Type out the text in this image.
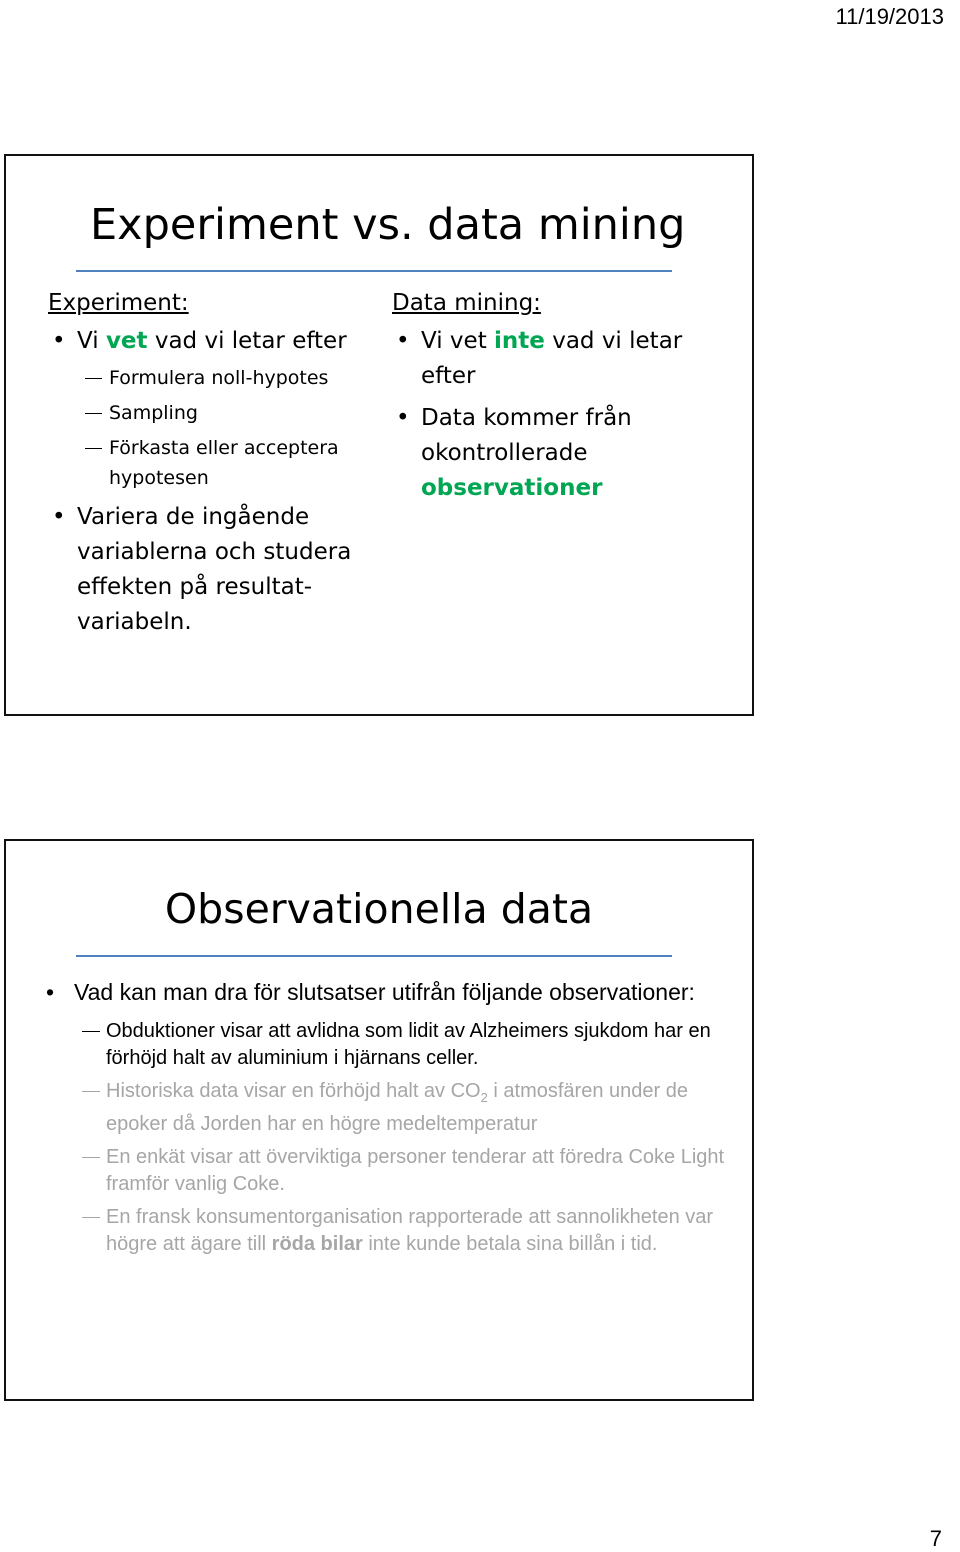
11/19/2013
Experiment vs. data mining
Experiment:
• Vi vet vad vi letar efter
Formulera noll-hypotes
Sampling
Förkasta eller acceptera hypotesen
• Variera de ingående variablerna och studera effekten på resultat-variabeln.
Data mining:
• Vi vet inte vad vi letar efter
• Data kommer från okontrollerade observationer
Observationella data
• Vad kan man dra för slutsatser utifrån följande observationer:
Obduktioner visar att avlidna som lidit av Alzheimers sjukdom har en förhöjd halt av aluminium i hjärnans celler.
Historiska data visar en förhöjd halt av $CO_2$ i atmosfären under de epoker då Jorden har en högre medeltemperatur
En enkät visar att överviktiga personer tenderar att föredra Coke Light framför vanlig Coke.
En fransk konsumentorganisation rapporterade att sannolikheten var högre att ägare till röda bilar inte kunde betala sina billån i tid.
7
